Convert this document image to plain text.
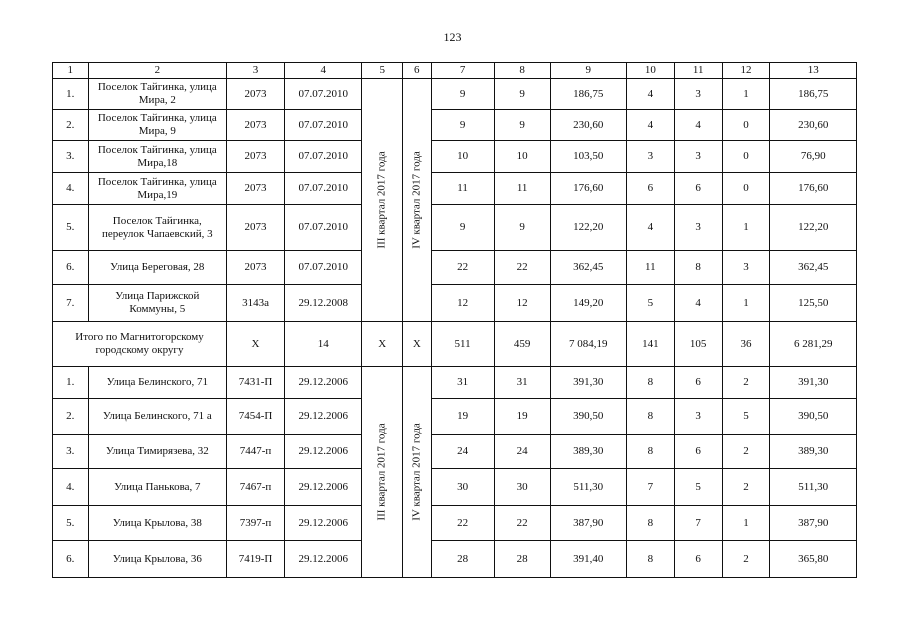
123
1	2	3	4	5	6	7	8	9	10	11	12	13
1.	Поселок Тайгинка, улица Мира, 2	2073	07.07.2010	III квартал 2017 года	IV квартал 2017 года	9	9	186,75	4	3	1	186,75
2.	Поселок Тайгинка, улица Мира, 9	2073	07.07.2010			9	9	230,60	4	4	0	230,60
3.	Поселок Тайгинка, улица Мира,18	2073	07.07.2010			10	10	103,50	3	3	0	76,90
4.	Поселок Тайгинка, улица Мира,19	2073	07.07.2010			11	11	176,60	6	6	0	176,60
5.	Поселок Тайгинка, переулок Чапаевский, 3	2073	07.07.2010			9	9	122,20	4	3	1	122,20
6.	Улица Береговая, 28	2073	07.07.2010			22	22	362,45	11	8	3	362,45
7.	Улица Парижской Коммуны, 5	3143а	29.12.2008			12	12	149,20	5	4	1	125,50
Итого по Магнитогорскому городскому округу		Х	14	Х	Х	511	459	7 084,19	141	105	36	6 281,29
1.	Улица Белинского, 71	7431-П	29.12.2006	III квартал 2017 года	IV квартал 2017 года	31	31	391,30	8	6	2	391,30
2.	Улица Белинского, 71 а	7454-П	29.12.2006			19	19	390,50	8	3	5	390,50
3.	Улица Тимирязева, 32	7447-п	29.12.2006			24	24	389,30	8	6	2	389,30
4.	Улица Панькова, 7	7467-п	29.12.2006			30	30	511,30	7	5	2	511,30
5.	Улица Крылова, 38	7397-п	29.12.2006			22	22	387,90	8	7	1	387,90
6.	Улица Крылова, 36	7419-П	29.12.2006			28	28	391,40	8	6	2	365,80
